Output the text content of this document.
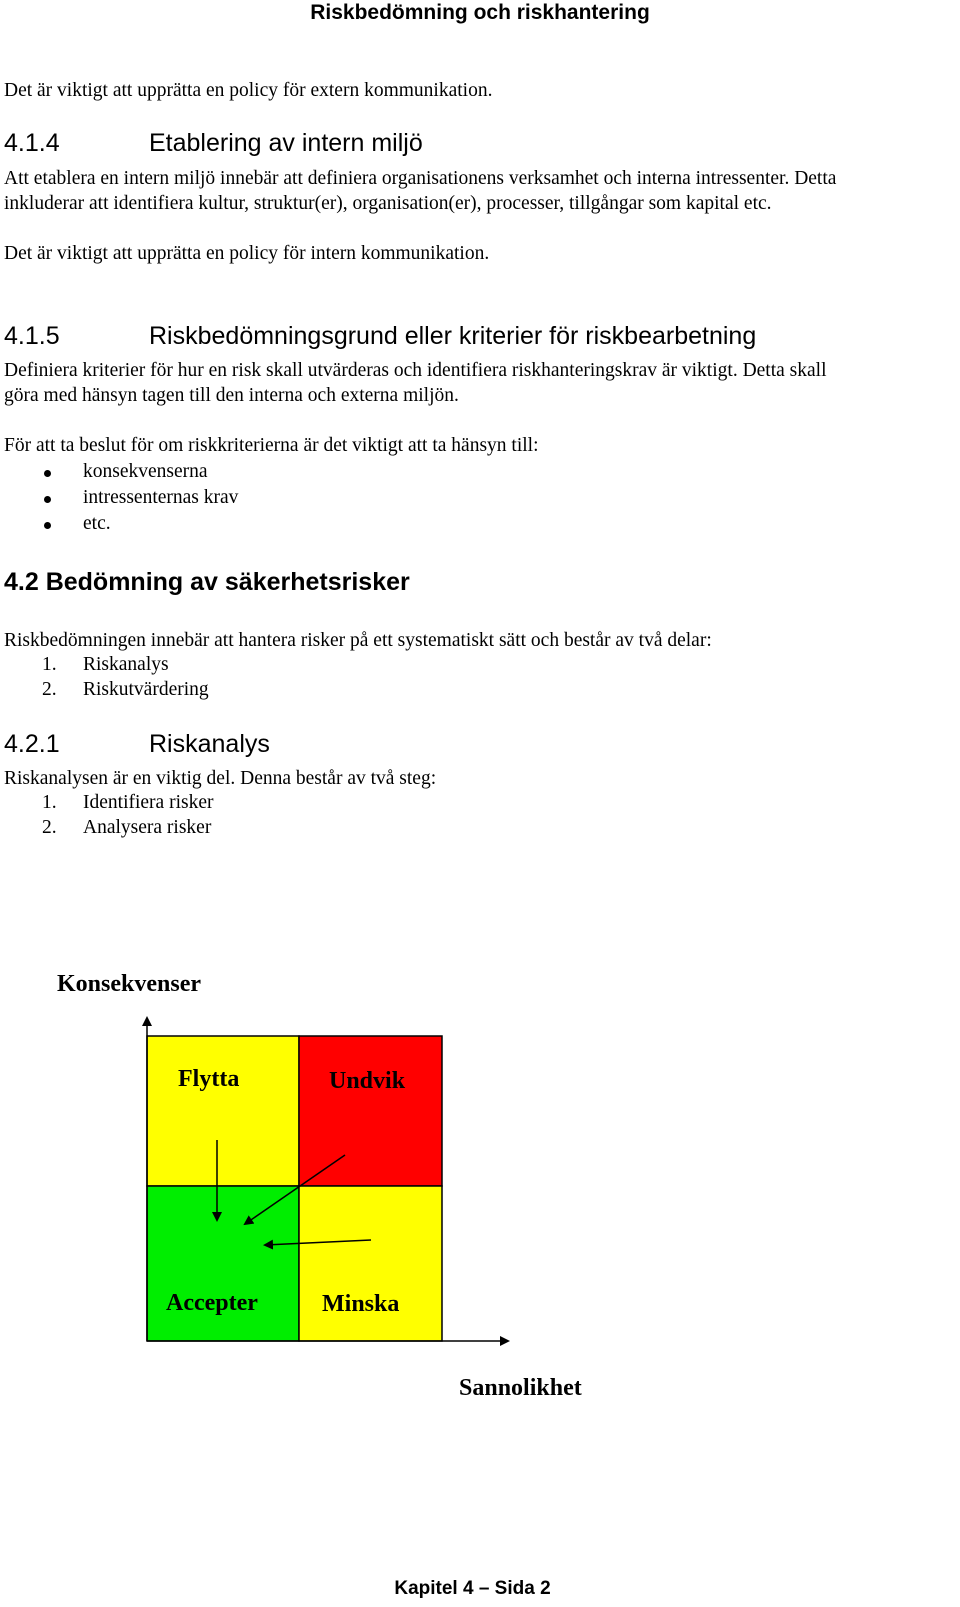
Riskbedömning och riskhantering

Det är viktigt att upprätta en policy för extern kommunikation.

4.1.4	Etablering av intern miljö

Att etablera en intern miljö innebär att definiera organisationens verksamhet och interna intressenter. Detta

inkluderar att identifiera kultur, struktur(er), organisation(er), processer, tillgångar som kapital etc.

Det är viktigt att upprätta en policy för intern kommunikation.

4.1.5	Riskbedömningsgrund eller kriterier för riskbearbetning

Definiera kriterier för hur en risk skall utvärderas och identifiera riskhanteringskrav är viktigt. Detta skall

göra med hänsyn tagen till den interna och externa miljön.

För att ta beslut för om riskkriterierna är det viktigt att ta hänsyn till:

konsekvenserna
intressenternas krav
etc.
4.2 Bedömning av säkerhetsrisker

Riskbedömningen innebär att hantera risker på ett systematiskt sätt och består av två delar:

1.	Riskanalys
2.	Riskutvärdering
4.2.1	Riskanalys

Riskanalysen är en viktig del. Denna består av två steg:

1.	Identifiera risker
2.	Analysera risker
Konsekvenser
Flytta	Undvik
Accepter	Minska
Sannolikhet
Kapitel 4 – Sida 2
